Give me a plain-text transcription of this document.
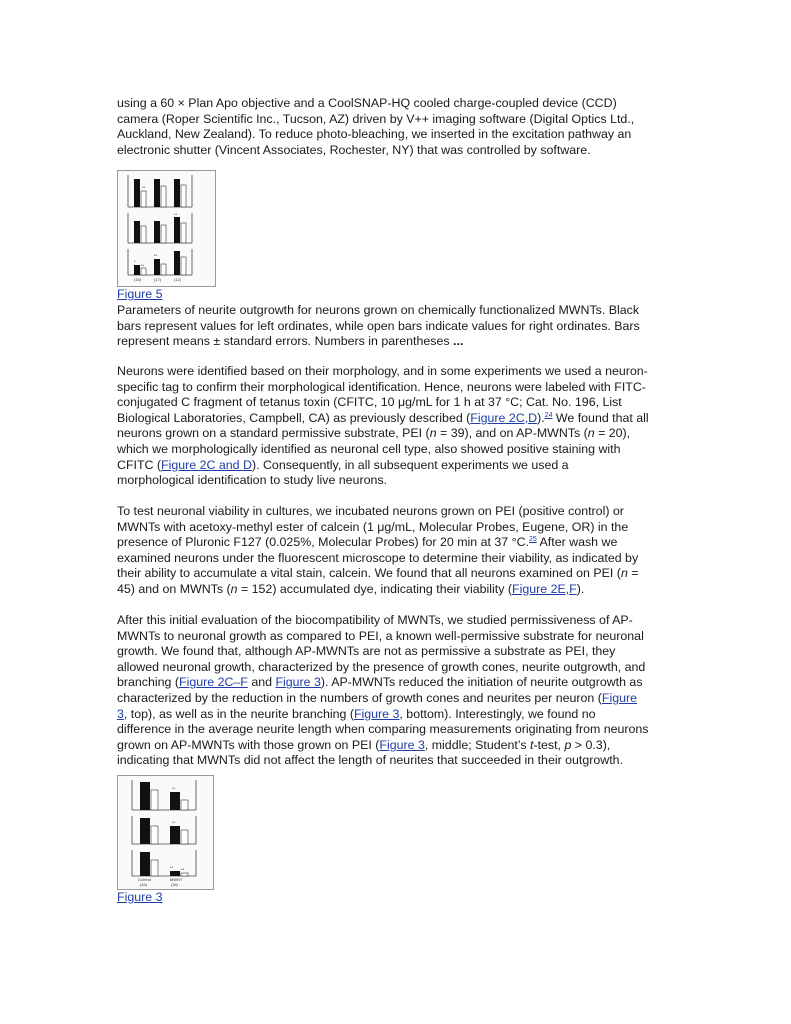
using a 60 × Plan Apo objective and a CoolSNAP-HQ cooled charge-coupled device (CCD)
camera (Roper Scientific Inc., Tucson, AZ) driven by V++ imaging software (Digital Optics Ltd.,
Auckland, New Zealand). To reduce photo-bleaching, we inserted in the excitation pathway an
electronic shutter (Vincent Associates, Rochester, NY) that was controlled by software.

**
**
*
**
**
(15)	(17)	(12)
Figure 5

Parameters of neurite outgrowth for neurons grown on chemically functionalized MWNTs. Black
bars represent values for left ordinates, while open bars indicate values for right ordinates. Bars
represent means ± standard errors. Numbers in parentheses ...

Neurons were identified based on their morphology, and in some experiments we used a neuron-
specific tag to confirm their morphological identification. Hence, neurons were labeled with FITC-
conjugated C fragment of tetanus toxin (CFITC, 10 μg/mL for 1 h at 37 °C; Cat. No. 196, List
Biological Laboratories, Campbell, CA) as previously described (Figure 2C,D).$^{24}$ We found that all
neurons grown on a standard permissive substrate, PEI (n = 39), and on AP-MWNTs (n = 20),
which we morphologically identified as neuronal cell type, also showed positive staining with
CFITC (Figure 2C and D). Consequently, in all subsequent experiments we used a
morphological identification to study live neurons.

To test neuronal viability in cultures, we incubated neurons grown on PEI (positive control) or
MWNTs with acetoxy-methyl ester of calcein (1 μg/mL, Molecular Probes, Eugene, OR) in the
presence of Pluronic F127 (0.025%, Molecular Probes) for 20 min at 37 °C.$^{25}$ After wash we
examined neurons under the fluorescent microscope to determine their viability, as indicated by
their ability to accumulate a vital stain, calcein. We found that all neurons examined on PEI (n =
45) and on MWNTs (n = 152) accumulated dye, indicating their viability (Figure 2E,F).

After this initial evaluation of the biocompatibility of MWNTs, we studied permissiveness of AP-
MWNTs to neuronal growth as compared to PEI, a known well-permissive substrate for neuronal
growth. We found that, although AP-MWNTs are not as permissive a substrate as PEI, they
allowed neuronal growth, characterized by the presence of growth cones, neurite outgrowth, and
branching (Figure 2C–F and Figure 3). AP-MWNTs reduced the initiation of neurite outgrowth as
characterized by the reduction in the numbers of growth cones and neurites per neuron (Figure
3, top), as well as in the neurite branching (Figure 3, bottom). Interestingly, we found no
difference in the average neurite length when comparing measurements originating from neurons
grown on AP-MWNTs with those grown on PEI (Figure 3, middle; Student’s t-test, p > 0.3),
indicating that MWNTs did not affect the length of neurites that succeeded in their outgrowth.

**
**
** **
Control
(44)
MWNT
(34)
Figure 3
